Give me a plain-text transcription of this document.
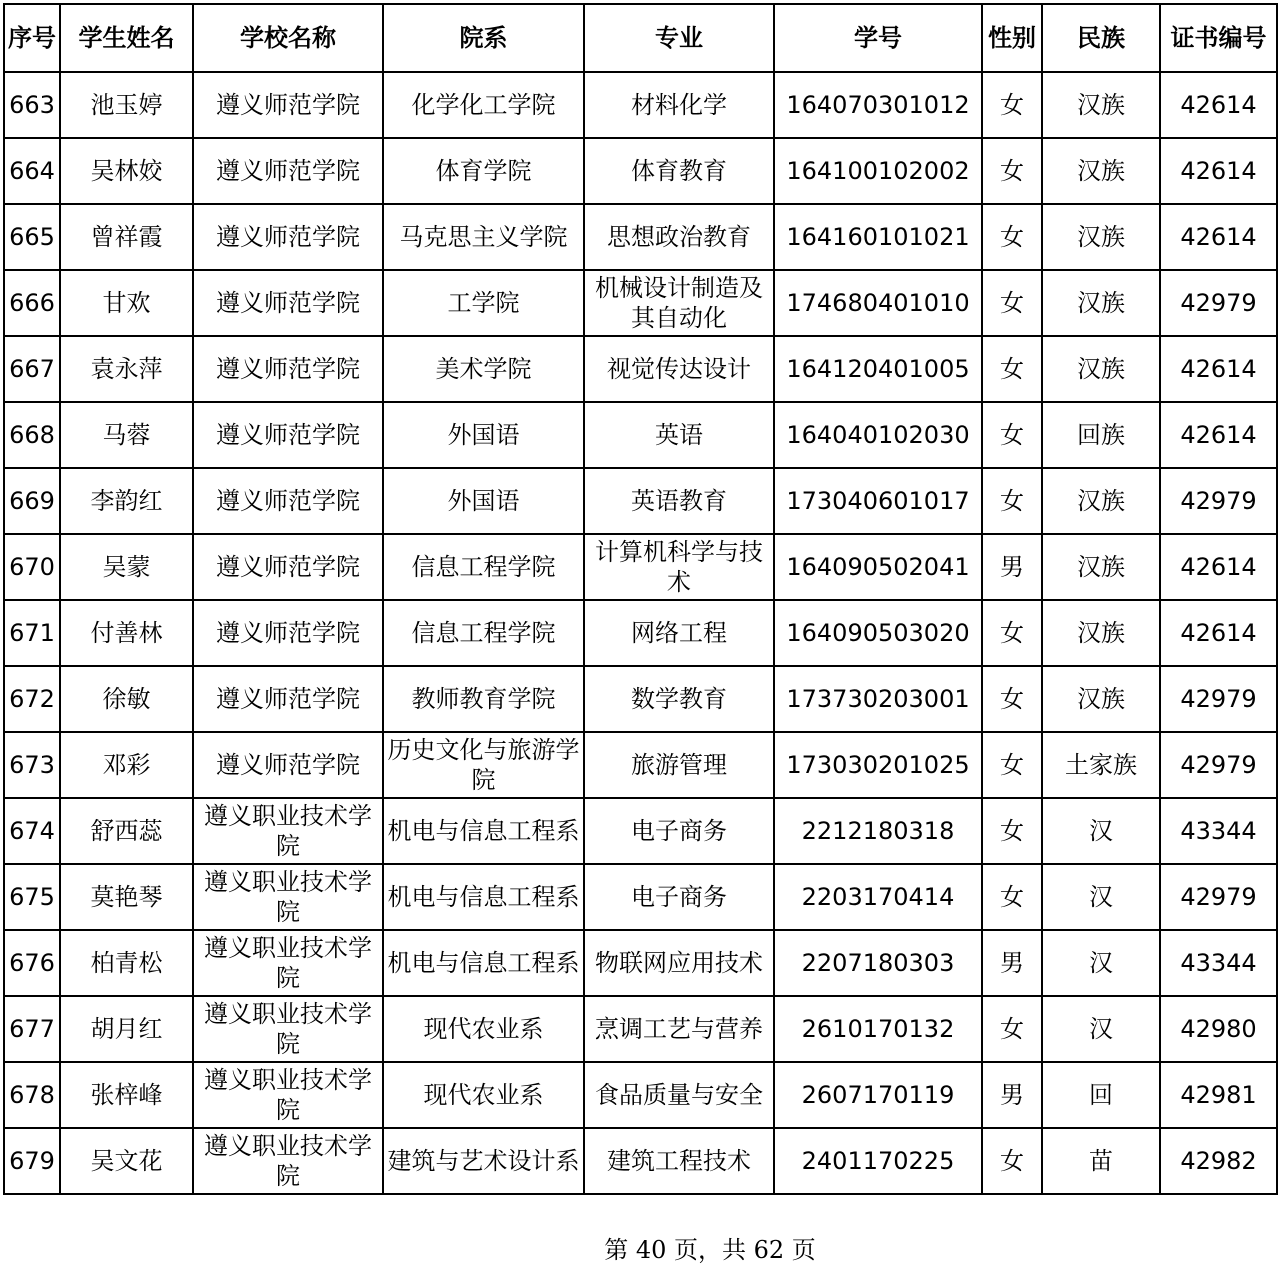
序号	学生姓名	学校名称	院系	专业	学号	性别	民族	证书编号
663	池玉婷	遵义师范学院	化学化工学院	材料化学	164070301012	女	汉族	42614
664	吴林姣	遵义师范学院	体育学院	体育教育	164100102002	女	汉族	42614
665	曾祥霞	遵义师范学院	马克思主义学院	思想政治教育	164160101021	女	汉族	42614
666	甘欢	遵义师范学院	工学院	机械设计制造及其自动化	174680401010	女	汉族	42979
667	袁永萍	遵义师范学院	美术学院	视觉传达设计	164120401005	女	汉族	42614
668	马蓉	遵义师范学院	外国语	英语	164040102030	女	回族	42614
669	李韵红	遵义师范学院	外国语	英语教育	173040601017	女	汉族	42979
670	吴蒙	遵义师范学院	信息工程学院	计算机科学与技术	164090502041	男	汉族	42614
671	付善林	遵义师范学院	信息工程学院	网络工程	164090503020	女	汉族	42614
672	徐敏	遵义师范学院	教师教育学院	数学教育	173730203001	女	汉族	42979
673	邓彩	遵义师范学院	历史文化与旅游学院	旅游管理	173030201025	女	土家族	42979
674	舒西蕊	遵义职业技术学院	机电与信息工程系	电子商务	2212180318	女	汉	43344
675	莫艳琴	遵义职业技术学院	机电与信息工程系	电子商务	2203170414	女	汉	42979
676	柏青松	遵义职业技术学院	机电与信息工程系	物联网应用技术	2207180303	男	汉	43344
677	胡月红	遵义职业技术学院	现代农业系	烹调工艺与营养	2610170132	女	汉	42980
678	张梓峰	遵义职业技术学院	现代农业系	食品质量与安全	2607170119	男	回	42981
679	吴文花	遵义职业技术学院	建筑与艺术设计系	建筑工程技术	2401170225	女	苗	42982
第 40 页，共 62 页
